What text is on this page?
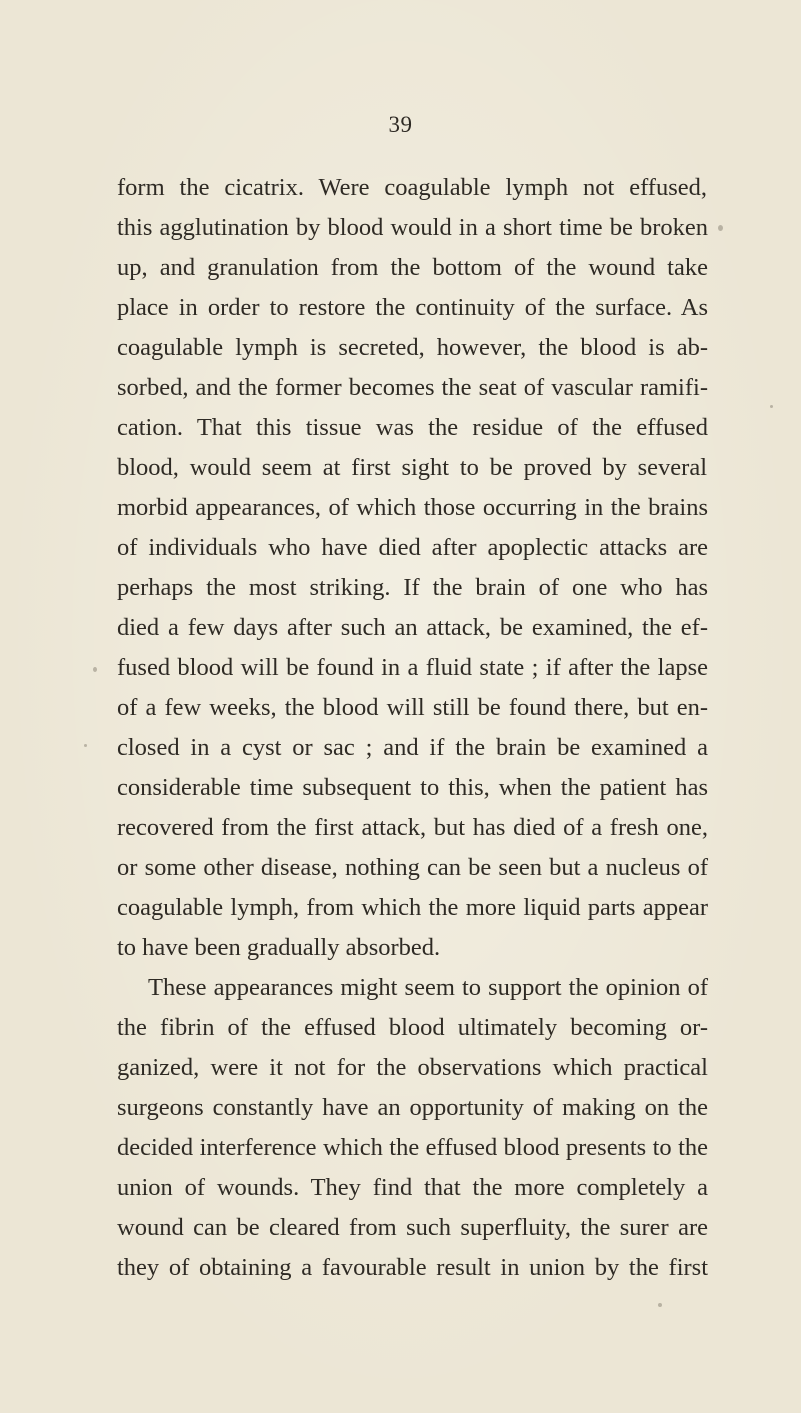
39
form the cicatrix. Were coagulable lymph not effused,
this agglutination by blood would in a short time be broken
up, and granulation from the bottom of the wound take
place in order to restore the continuity of the surface. As
coagulable lymph is secreted, however, the blood is ab-
sorbed, and the former becomes the seat of vascular ramifi-
cation. That this tissue was the residue of the effused
blood, would seem at first sight to be proved by several
morbid appearances, of which those occurring in the brains
of individuals who have died after apoplectic attacks are
perhaps the most striking. If the brain of one who has
died a few days after such an attack, be examined, the ef-
fused blood will be found in a fluid state ; if after the lapse
of a few weeks, the blood will still be found there, but en-
closed in a cyst or sac ; and if the brain be examined a
considerable time subsequent to this, when the patient has
recovered from the first attack, but has died of a fresh one,
or some other disease, nothing can be seen but a nucleus of
coagulable lymph, from which the more liquid parts appear
to have been gradually absorbed.
These appearances might seem to support the opinion of
the fibrin of the effused blood ultimately becoming or-
ganized, were it not for the observations which practical
surgeons constantly have an opportunity of making on the
decided interference which the effused blood presents to the
union of wounds. They find that the more completely a
wound can be cleared from such superfluity, the surer are
they of obtaining a favourable result in union by the first
